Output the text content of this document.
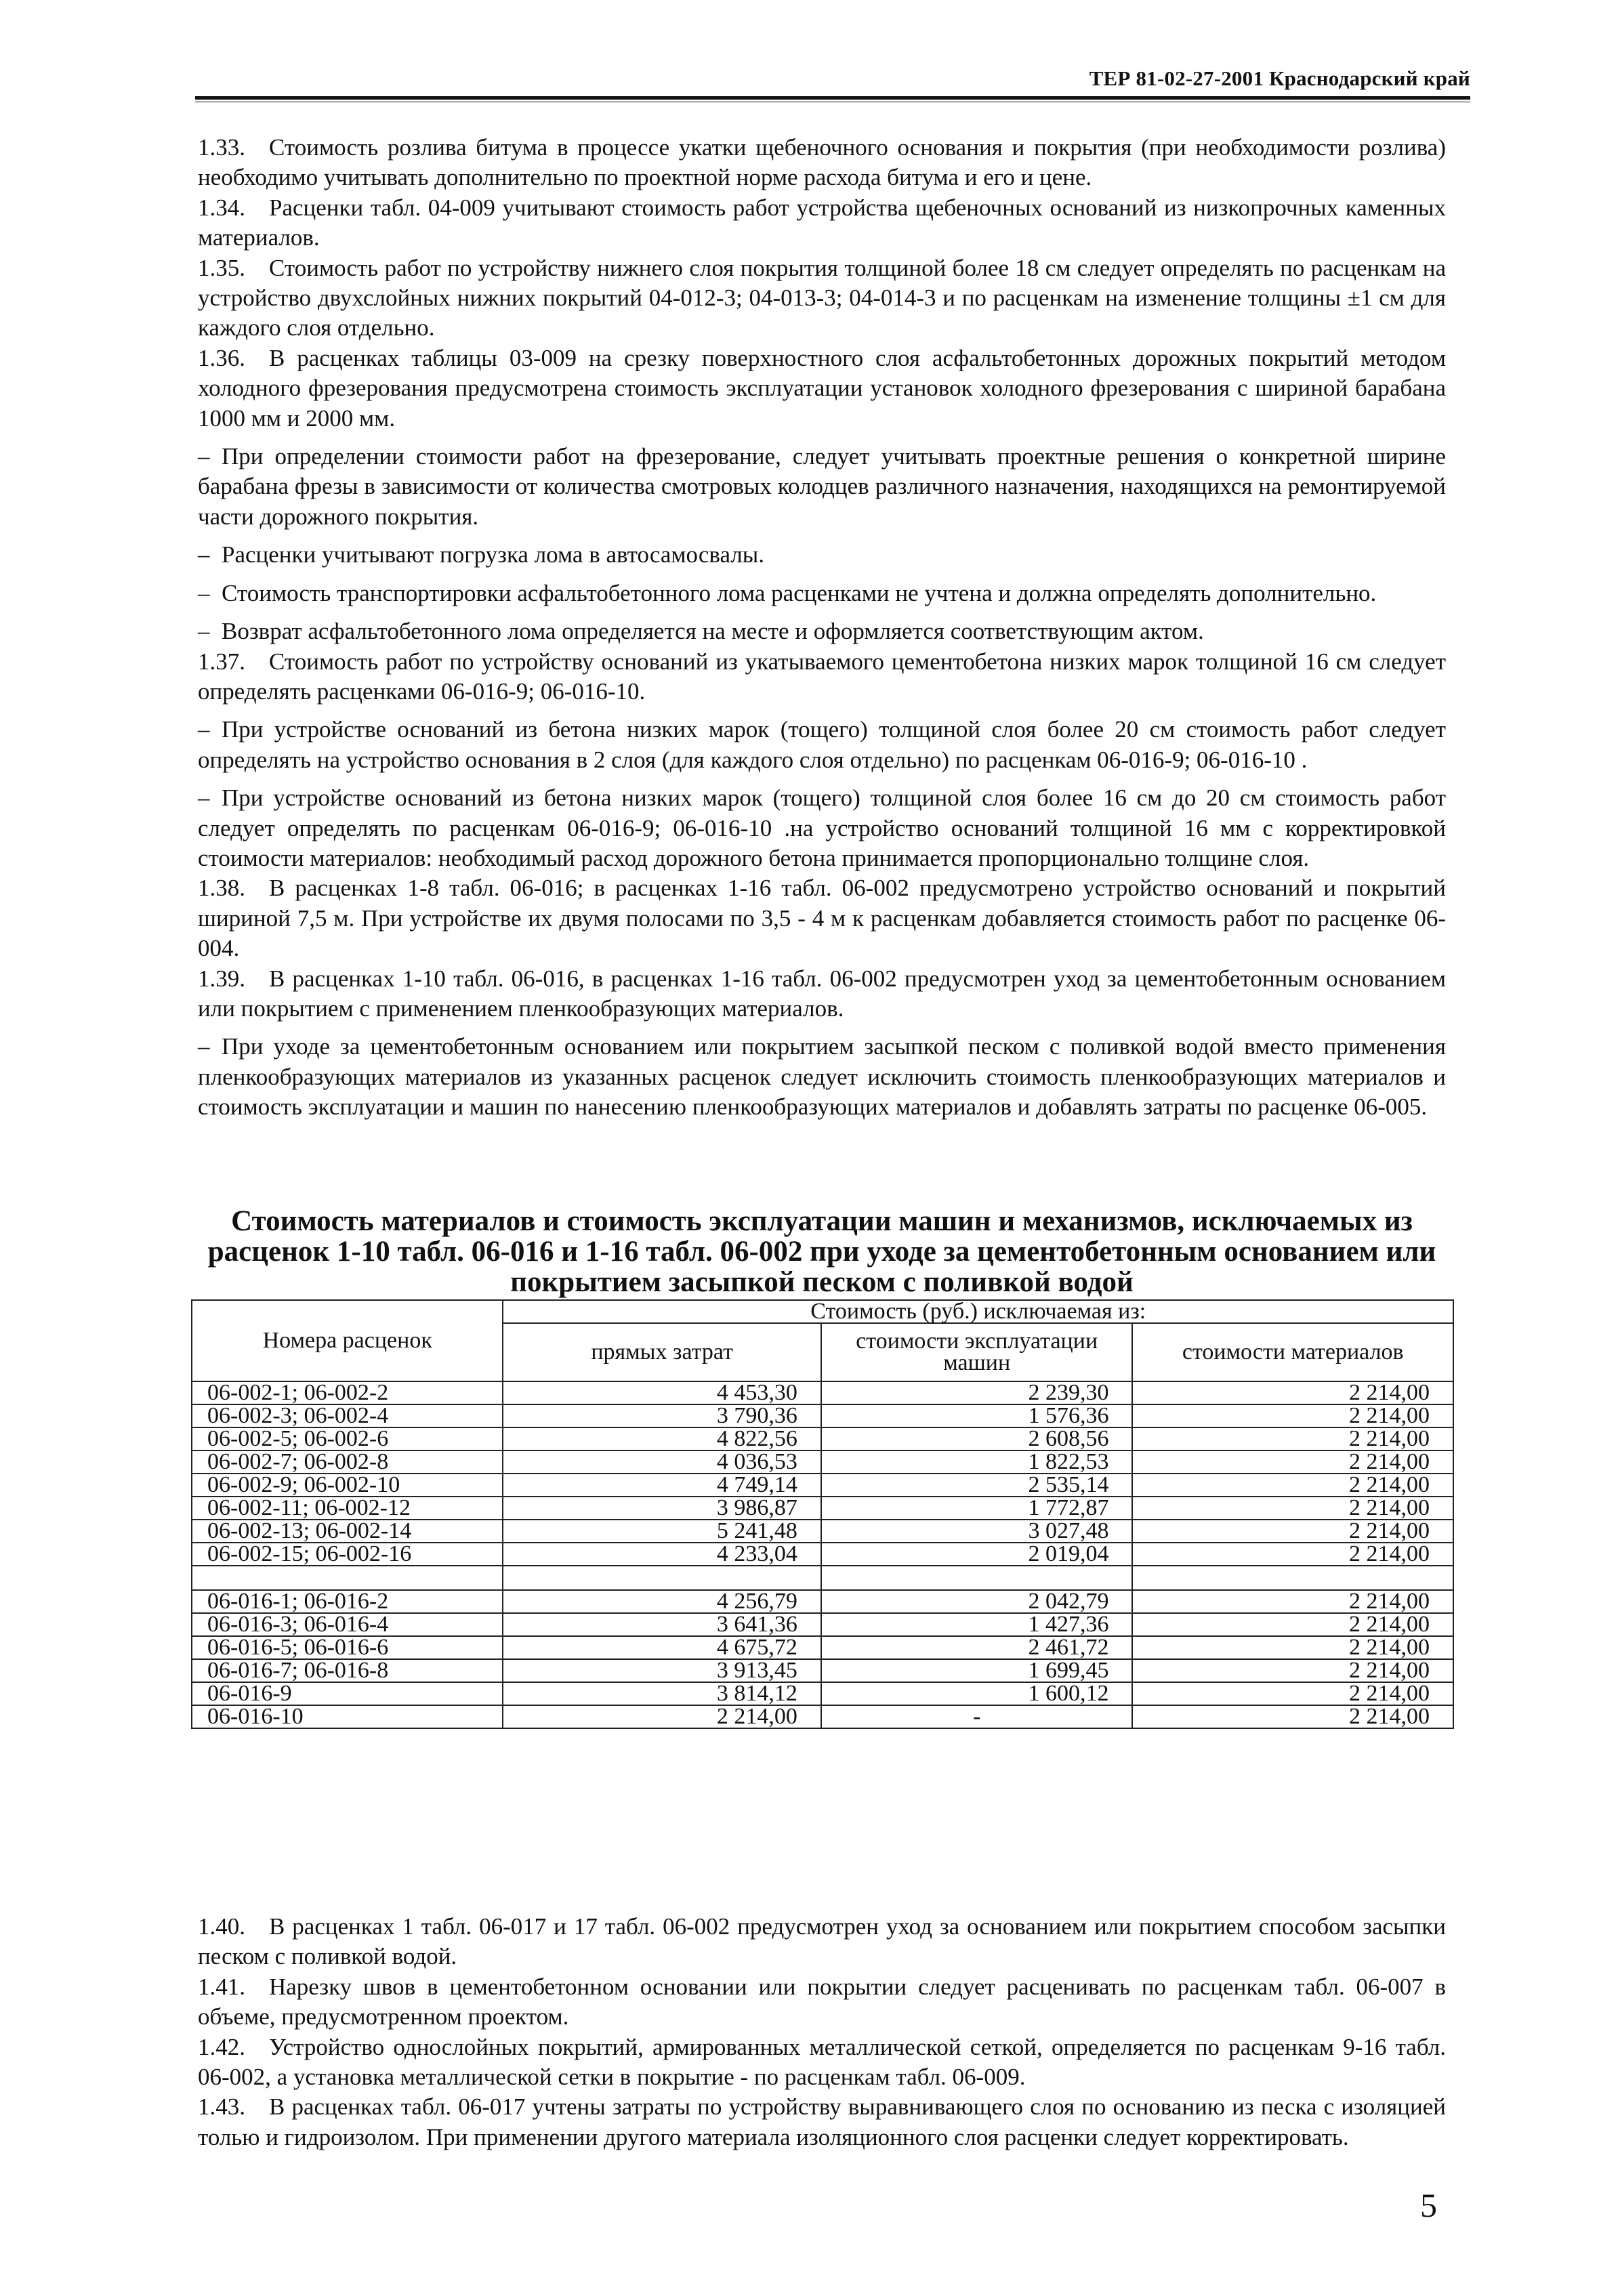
ТЕР 81-02-27-2001 Краснодарский край

1.33. Стоимость розлива битума в процессе укатки щебеночного основания и покрытия (при необходимости розлива) необходимо учитывать дополнительно по проектной норме расхода битума и его и цене.

1.34. Расценки табл. 04-009 учитывают стоимость работ устройства щебеночных оснований из низкопрочных каменных материалов.

1.35. Стоимость работ по устройству нижнего слоя покрытия толщиной более 18 см следует определять по расценкам на устройство двухслойных нижних покрытий 04-012-3; 04-013-3; 04-014-3 и по расценкам на изменение толщины ±1 см для каждого слоя отдельно.

1.36. В расценках таблицы 03-009 на срезку поверхностного слоя асфальтобетонных дорожных покрытий методом холодного фрезерования предусмотрена стоимость эксплуатации установок холодного фрезерования с шириной барабана 1000 мм и 2000 мм.

– При определении стоимости работ на фрезерование, следует учитывать проектные решения о конкретной ширине барабана фрезы в зависимости от количества смотровых колодцев различного назначения, находящихся на ремонтируемой части дорожного покрытия.

– Расценки учитывают погрузка лома в автосамосвалы.

– Стоимость транспортировки асфальтобетонного лома расценками не учтена и должна определять дополнительно.

– Возврат асфальтобетонного лома определяется на месте и оформляется соответствующим актом.

1.37. Стоимость работ по устройству оснований из укатываемого цементобетона низких марок толщиной 16 см следует определять расценками 06-016-9; 06-016-10.

– При устройстве оснований из бетона низких марок (тощего) толщиной слоя более 20 см стоимость работ следует определять на устройство основания в 2 слоя (для каждого слоя отдельно) по расценкам 06-016-9; 06-016-10 .

– При устройстве оснований из бетона низких марок (тощего) толщиной слоя более 16 см до 20 см стоимость работ следует определять по расценкам 06-016-9; 06-016-10 .на устройство оснований толщиной 16 мм с корректировкой стоимости материалов: необходимый расход дорожного бетона принимается пропорционально толщине слоя.

1.38. В расценках 1-8 табл. 06-016; в расценках 1-16 табл. 06-002 предусмотрено устройство оснований и покрытий шириной 7,5 м. При устройстве их двумя полосами по 3,5 - 4 м к расценкам добавляется стоимость работ по расценке 06-004.

1.39. В расценках 1-10 табл. 06-016, в расценках 1-16 табл. 06-002 предусмотрен уход за цементобетонным основанием или покрытием с применением пленкообразующих материалов.

– При уходе за цементобетонным основанием или покрытием засыпкой песком с поливкой водой вместо применения пленкообразующих материалов из указанных расценок следует исключить стоимость пленкообразующих материалов и стоимость эксплуатации и машин по нанесению пленкообразующих материалов и добавлять затраты по расценке 06-005.

Стоимость материалов и стоимость эксплуатации машин и механизмов, исключаемых из расценок 1-10 табл. 06-016 и 1-16 табл. 06-002 при уходе за цементобетонным основанием или покрытием засыпкой песком с поливкой водой
Номера расценок	Стоимость (руб.) исключаемая из:		
	прямых затрат	стоимости эксплуатации машин	стоимости материалов
06-002-1; 06-002-2	4 453,30	2 239,30	2 214,00
06-002-3; 06-002-4	3 790,36	1 576,36	2 214,00
06-002-5; 06-002-6	4 822,56	2 608,56	2 214,00
06-002-7; 06-002-8	4 036,53	1 822,53	2 214,00
06-002-9; 06-002-10	4 749,14	2 535,14	2 214,00
06-002-11; 06-002-12	3 986,87	1 772,87	2 214,00
06-002-13; 06-002-14	5 241,48	3 027,48	2 214,00
06-002-15; 06-002-16	4 233,04	2 019,04	2 214,00

06-016-1; 06-016-2	4 256,79	2 042,79	2 214,00
06-016-3; 06-016-4	3 641,36	1 427,36	2 214,00
06-016-5; 06-016-6	4 675,72	2 461,72	2 214,00
06-016-7; 06-016-8	3 913,45	1 699,45	2 214,00
06-016-9	3 814,12	1 600,12	2 214,00
06-016-10	2 214,00	-	2 214,00

1.40. В расценках 1 табл. 06-017 и 17 табл. 06-002 предусмотрен уход за основанием или покрытием способом засыпки песком с поливкой водой.

1.41. Нарезку швов в цементобетонном основании или покрытии следует расценивать по расценкам табл. 06-007 в объеме, предусмотренном проектом.

1.42. Устройство однослойных покрытий, армированных металлической сеткой, определяется по расценкам 9-16 табл. 06-002, а установка металлической сетки в покрытие - по расценкам табл. 06-009.

1.43. В расценках табл. 06-017 учтены затраты по устройству выравнивающего слоя по основанию из песка с изоляцией толью и гидроизолом. При применении другого материала изоляционного слоя расценки следует корректировать.

5
